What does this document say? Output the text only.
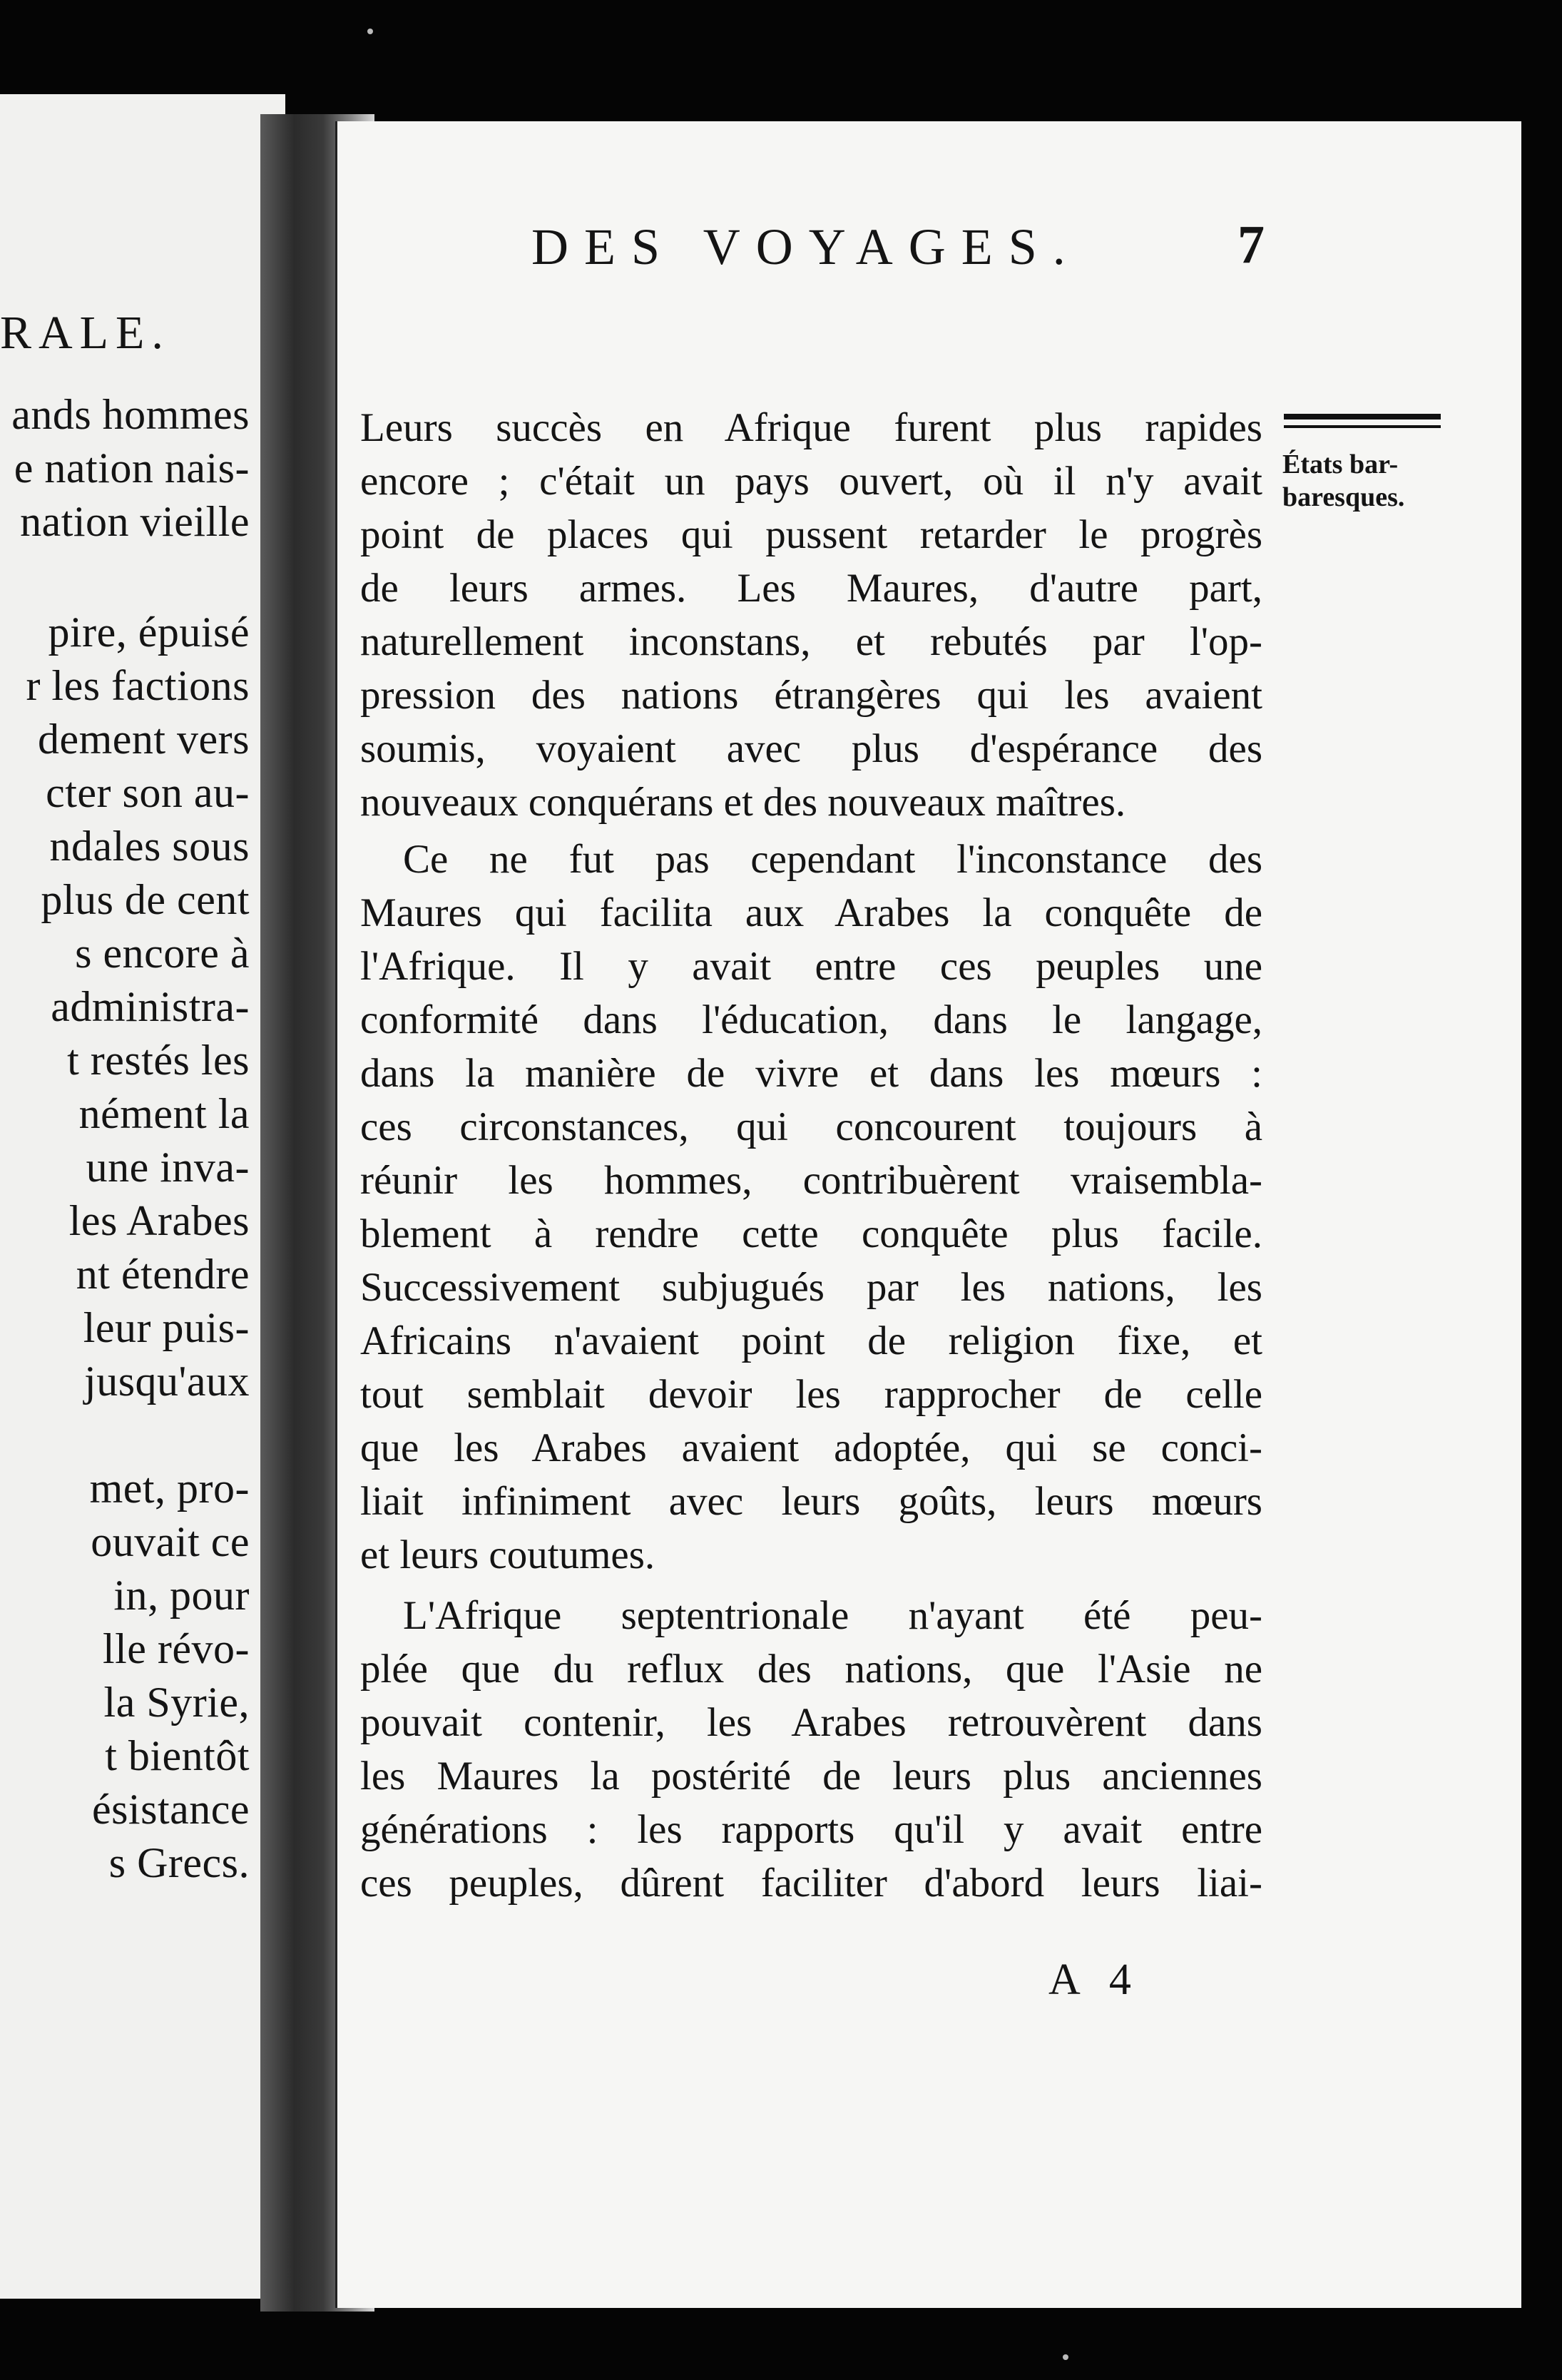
RALE.
ands hommes
e nation nais-
nation vieille
pire, épuisé
r les factions
dement vers
cter son au-
ndales sous
plus de cent
s encore à
administra-
t restés les
nément la
une inva-
les Arabes
nt étendre
leur puis-
jusqu'aux
met, pro-
ouvait ce
in, pour
lle révo-
la Syrie,
t bientôt
ésistance
s Grecs.
DES VOYAGES.	7
États bar-
baresques.
Leurs succès en Afrique furent plus rapides
encore ; c'était un pays ouvert, où il n'y avait
point de places qui pussent retarder le progrès
de leurs armes. Les Maures, d'autre part,
naturellement inconstans, et rebutés par l'op-
pression des nations étrangères qui les avaient
soumis, voyaient avec plus d'espérance des
nouveaux conquérans et des nouveaux maîtres.
Ce ne fut pas cependant l'inconstance des
Maures qui facilita aux Arabes la conquête de
l'Afrique. Il y avait entre ces peuples une
conformité dans l'éducation, dans le langage,
dans la manière de vivre et dans les mœurs :
ces circonstances, qui concourent toujours à
réunir les hommes, contribuèrent vraisembla-
blement à rendre cette conquête plus facile.
Successivement subjugués par les nations, les
Africains n'avaient point de religion fixe, et
tout semblait devoir les rapprocher de celle
que les Arabes avaient adoptée, qui se conci-
liait infiniment avec leurs goûts, leurs mœurs
et leurs coutumes.
L'Afrique septentrionale n'ayant été peu-
plée que du reflux des nations, que l'Asie ne
pouvait contenir, les Arabes retrouvèrent dans
les Maures la postérité de leurs plus anciennes
générations : les rapports qu'il y avait entre
ces peuples, dûrent faciliter d'abord leurs liai-
A 4
